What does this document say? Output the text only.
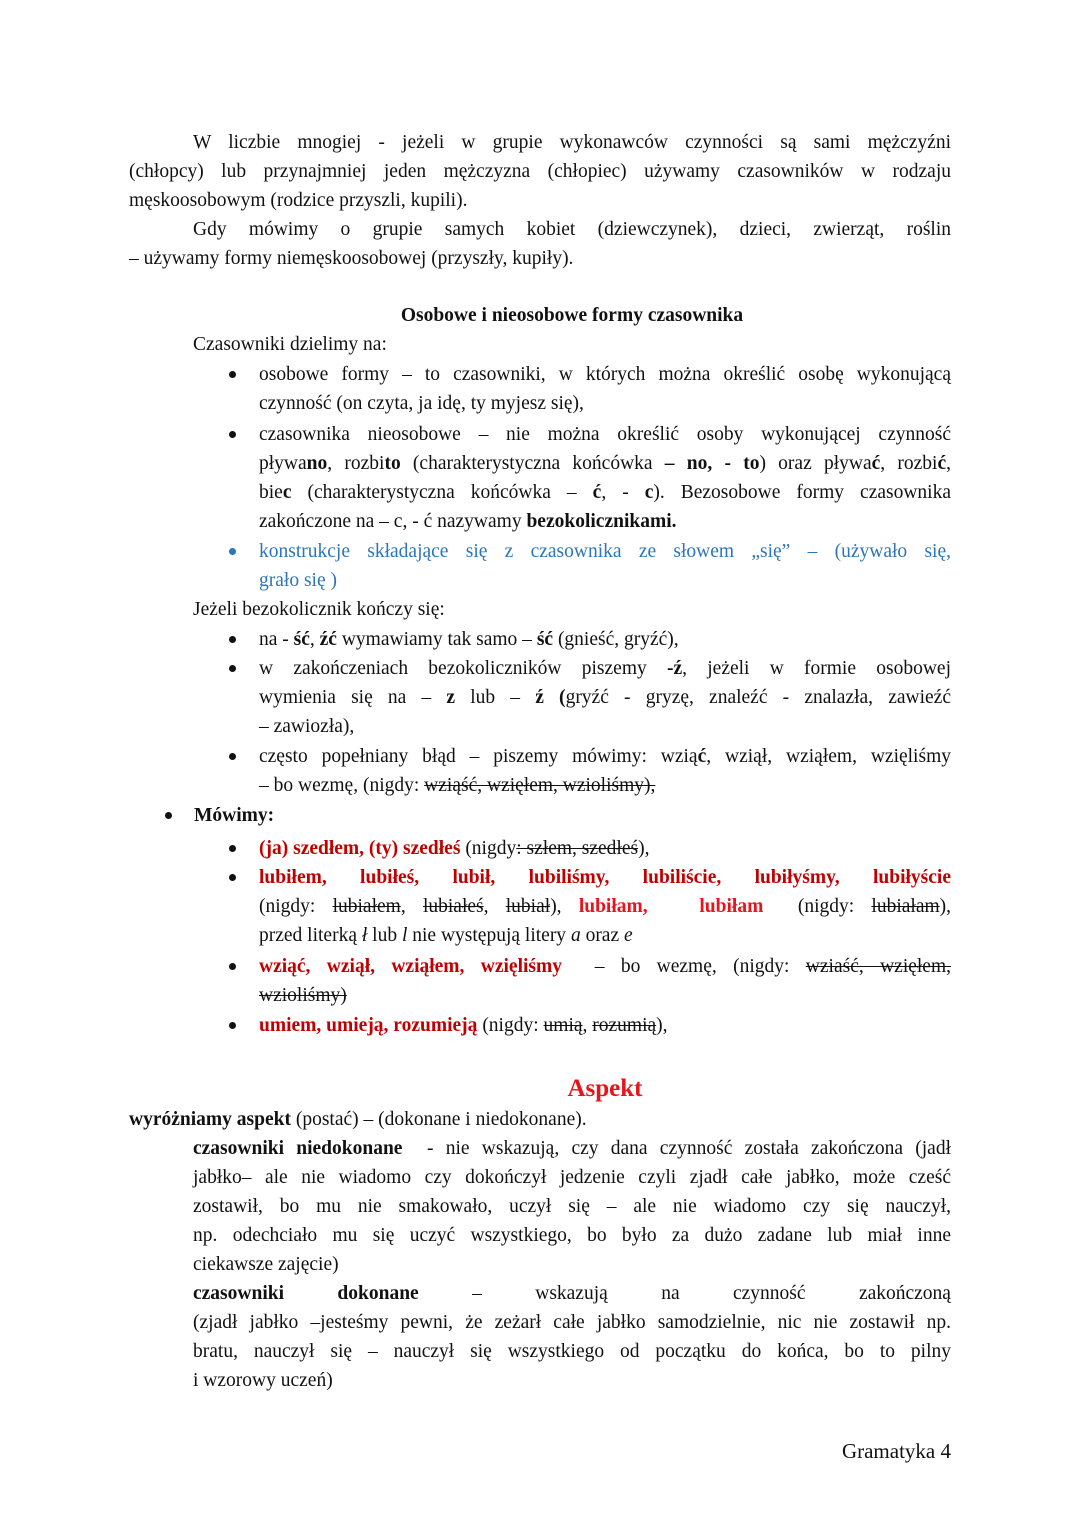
W liczbie mnogiej - jeżeli w grupie wykonawców czynności są sami mężczyźni
(chłopcy) lub przynajmniej jeden mężczyzna (chłopiec) używamy czasowników w rodzaju
męskoosobowym (rodzice przyszli, kupili).
Gdy mówimy o grupie samych kobiet (dziewczynek), dzieci, zwierząt, roślin
– używamy formy niemęskoosobowej (przyszły, kupiły).
Osobowe i nieosobowe formy czasownika
Czasowniki dzielimy na:
osobowe formy – to czasowniki, w których można określić osobę wykonującą
czynność (on czyta, ja idę, ty myjesz się),
czasownika nieosobowe – nie można określić osoby wykonującej czynność
pływano, rozbito (charakterystyczna końcówka – no, - to) oraz pływać, rozbić,
biec (charakterystyczna końcówka – ć, - c). Bezosobowe formy czasownika
zakończone na – c, - ć nazywamy bezokolicznikami.
konstrukcje składające się z czasownika ze słowem „się” – (używało się,
grało się )
Jeżeli bezokolicznik kończy się:
na - ść, źć wymawiamy tak samo – ść (gnieść, gryźć),
w zakończeniach bezokoliczników piszemy -ź, jeżeli w formie osobowej
wymienia się na – z lub – ź (gryźć - gryzę, znaleźć - znalazła, zawieźć
– zawiozła),
często popełniany błąd – piszemy mówimy: wziąć, wziął, wziąłem, wzięliśmy
– bo wezmę, (nigdy: wziąść, wzięłem, wzioliśmy),
Mówimy:
(ja) szedłem, (ty) szedłeś (nigdy: szłem, szedłeś),
lubiłem, lubiłeś, lubił, lubiliśmy, lubiliście, lubiłyśmy, lubiłyście
(nigdy: lubiałem, lubiałeś, lubiał), lubiłam,   lubiłam  (nigdy: lubiałam),
przed literką ł lub l nie występują litery a oraz e
wziąć, wziął, wziąłem, wzięliśmy  – bo wezmę, (nigdy: wziaść, wzięłem,
wzioliśmy)
umiem, umieją, rozumieją (nigdy: umią, rozumią),
Aspekt
wyróżniamy aspekt (postać) – (dokonane i niedokonane).
czasowniki niedokonane  - nie wskazują, czy dana czynność została zakończona (jadł
jabłko– ale nie wiadomo czy dokończył jedzenie czyli zjadł całe jabłko, może cześć
zostawił, bo mu nie smakowało, uczył się – ale nie wiadomo czy się nauczył,
np. odechciało mu się uczyć wszystkiego, bo było za dużo zadane lub miał inne
ciekawsze zajęcie)
czasowniki	dokonane	–	wskazują	na	czynność	zakończoną
(zjadł jabłko –jesteśmy pewni, że zeżarł całe jabłko samodzielnie, nic nie zostawił np.
bratu, nauczył się – nauczył się wszystkiego od początku do końca, bo to pilny
i wzorowy uczeń)
Gramatyka 4
